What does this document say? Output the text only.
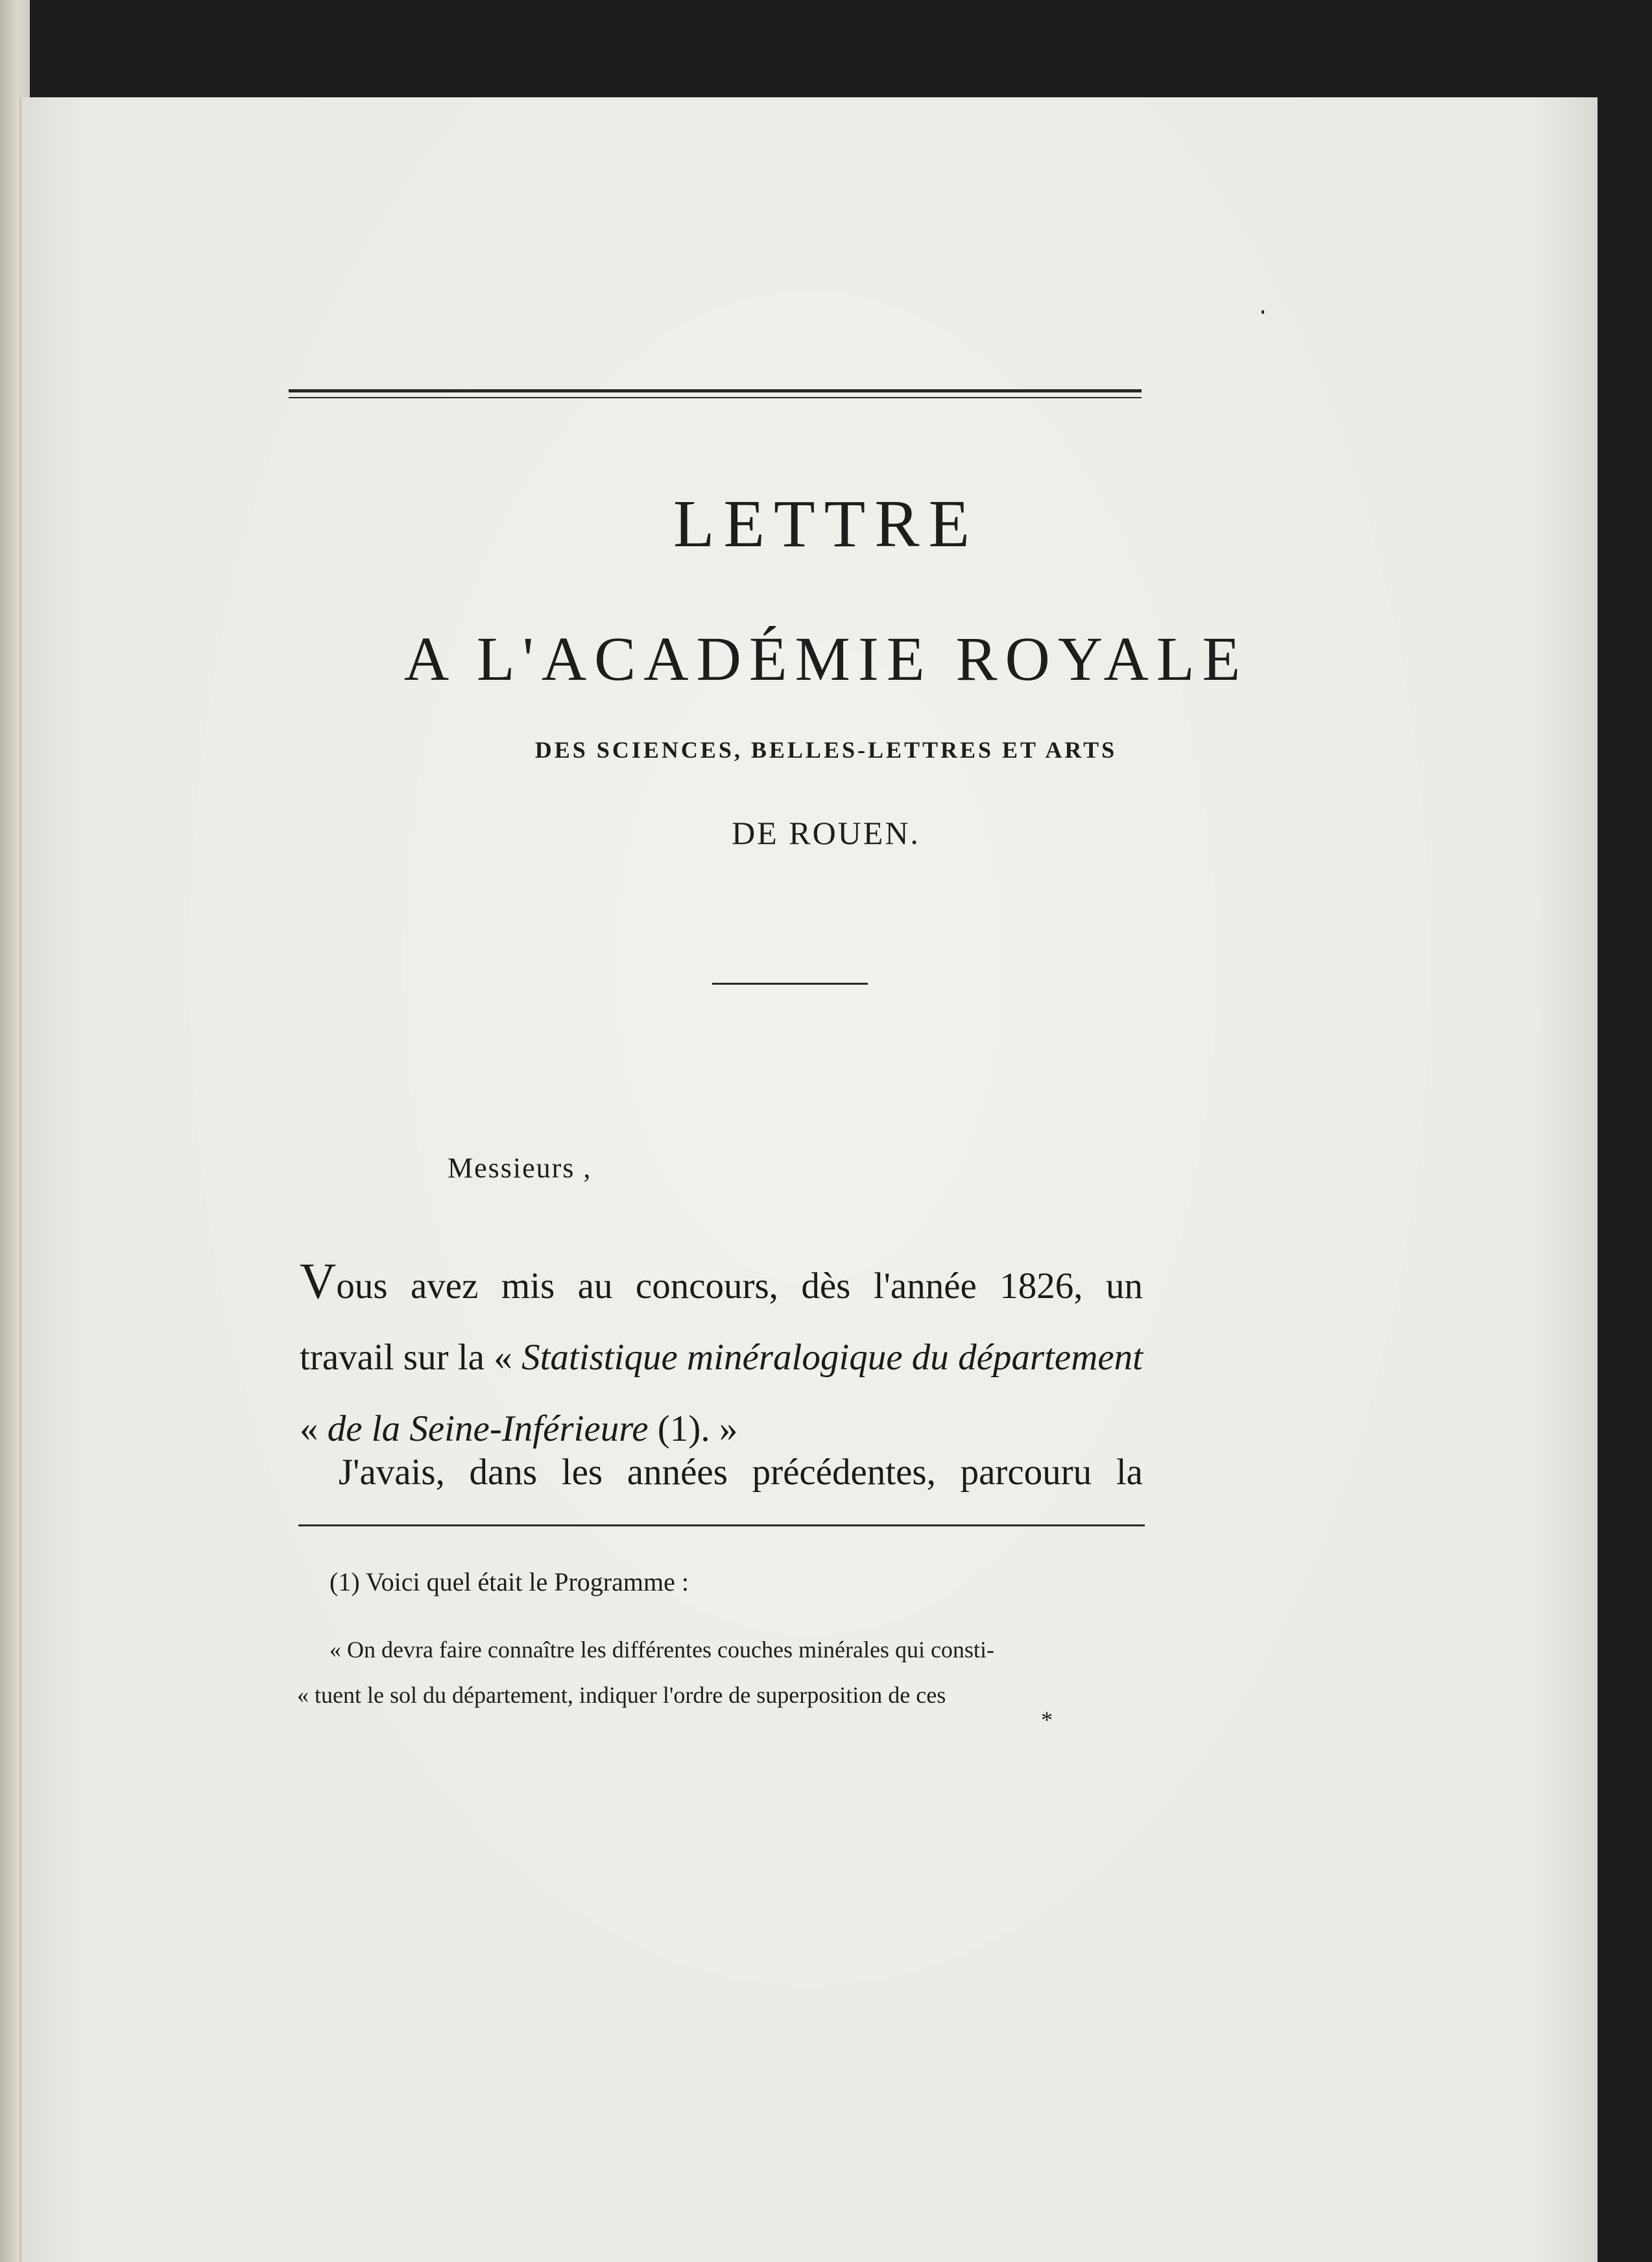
LETTRE
A L'ACADÉMIE ROYALE
DES SCIENCES, BELLES-LETTRES ET ARTS
DE ROUEN.
Messieurs ,
Vous avez mis au concours, dès l'année 1826, un
travail sur la « Statistique minéralogique du département
« de la Seine-Inférieure (1). »
J'avais, dans les années précédentes, parcouru la
(1) Voici quel était le Programme :
« On devra faire connaître les différentes couches minérales qui consti-
« tuent le sol du département, indiquer l'ordre de superposition de ces
*
